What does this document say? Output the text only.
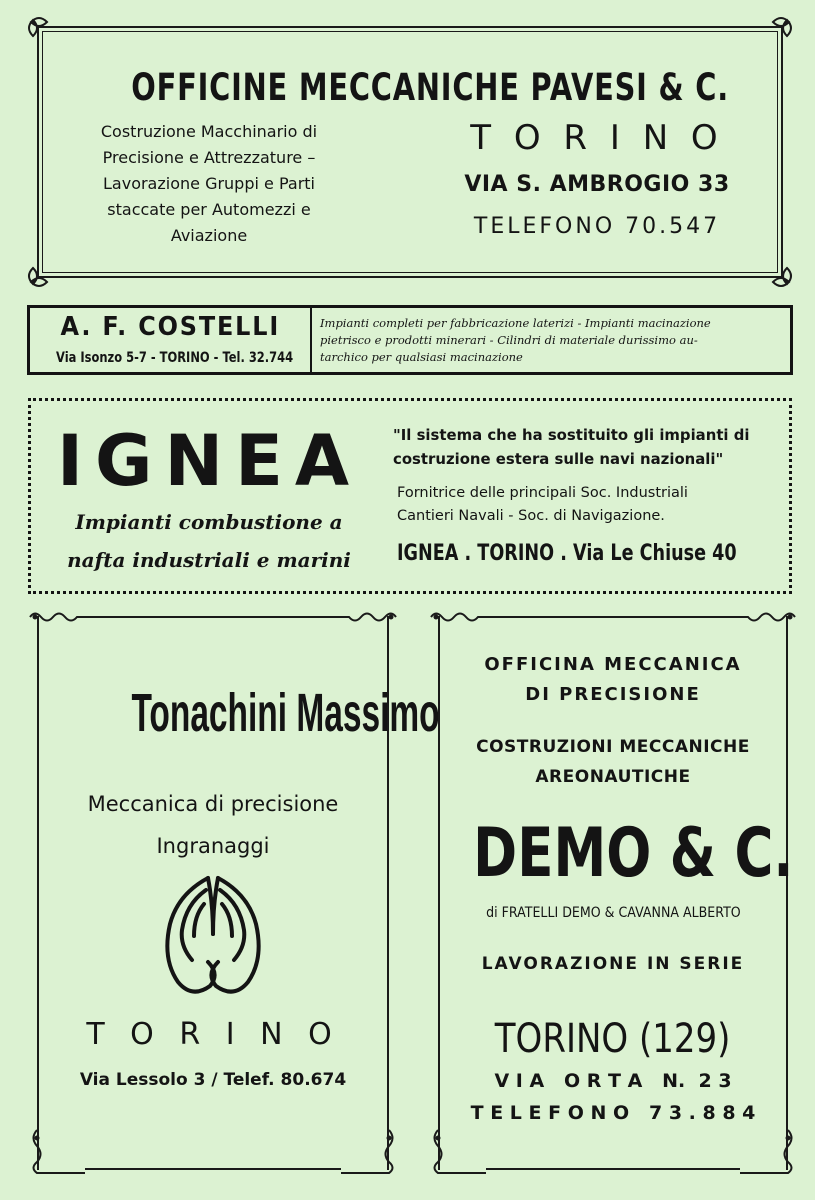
OFFICINE MECCANICHE PAVESI & C.
Costruzione Macchinario di
Precisione e Attrezzature –
Lavorazione Gruppi e Parti
staccate per Automezzi e
Aviazione
T O R I N O
VIA S. AMBROGIO 33
TELEFONO 70.547
A. F. COSTELLI
Via Isonzo 5-7 - TORINO - Tel. 32.744
Impianti completi per fabbricazione laterizi - Impianti macinazione
pietrisco e prodotti minerari - Cilindri di materiale durissimo au-
tarchico per qualsiasi macinazione
IGNEA
Impianti combustione a
nafta industriali e marini
"Il sistema che ha sostituito gli impianti di
costruzione estera sulle navi nazionali"
Fornitrice delle principali Soc. Industriali
Cantieri Navali - Soc. di Navigazione.
IGNEA . TORINO . Via Le Chiuse 40
Tonachini Massimo
Meccanica di precisione
Ingranaggi
T O R I N O
Via Lessolo 3 / Telef. 80.674
OFFICINA MECCANICA
DI PRECISIONE
COSTRUZIONI MECCANICHE
AREONAUTICHE
DEMO & C.
di FRATELLI DEMO & CAVANNA ALBERTO
LAVORAZIONE IN SERIE
TORINO (129)
V I A   O R T A   N.  2 3
T E L E F O N O   7 3 . 8 8 4
